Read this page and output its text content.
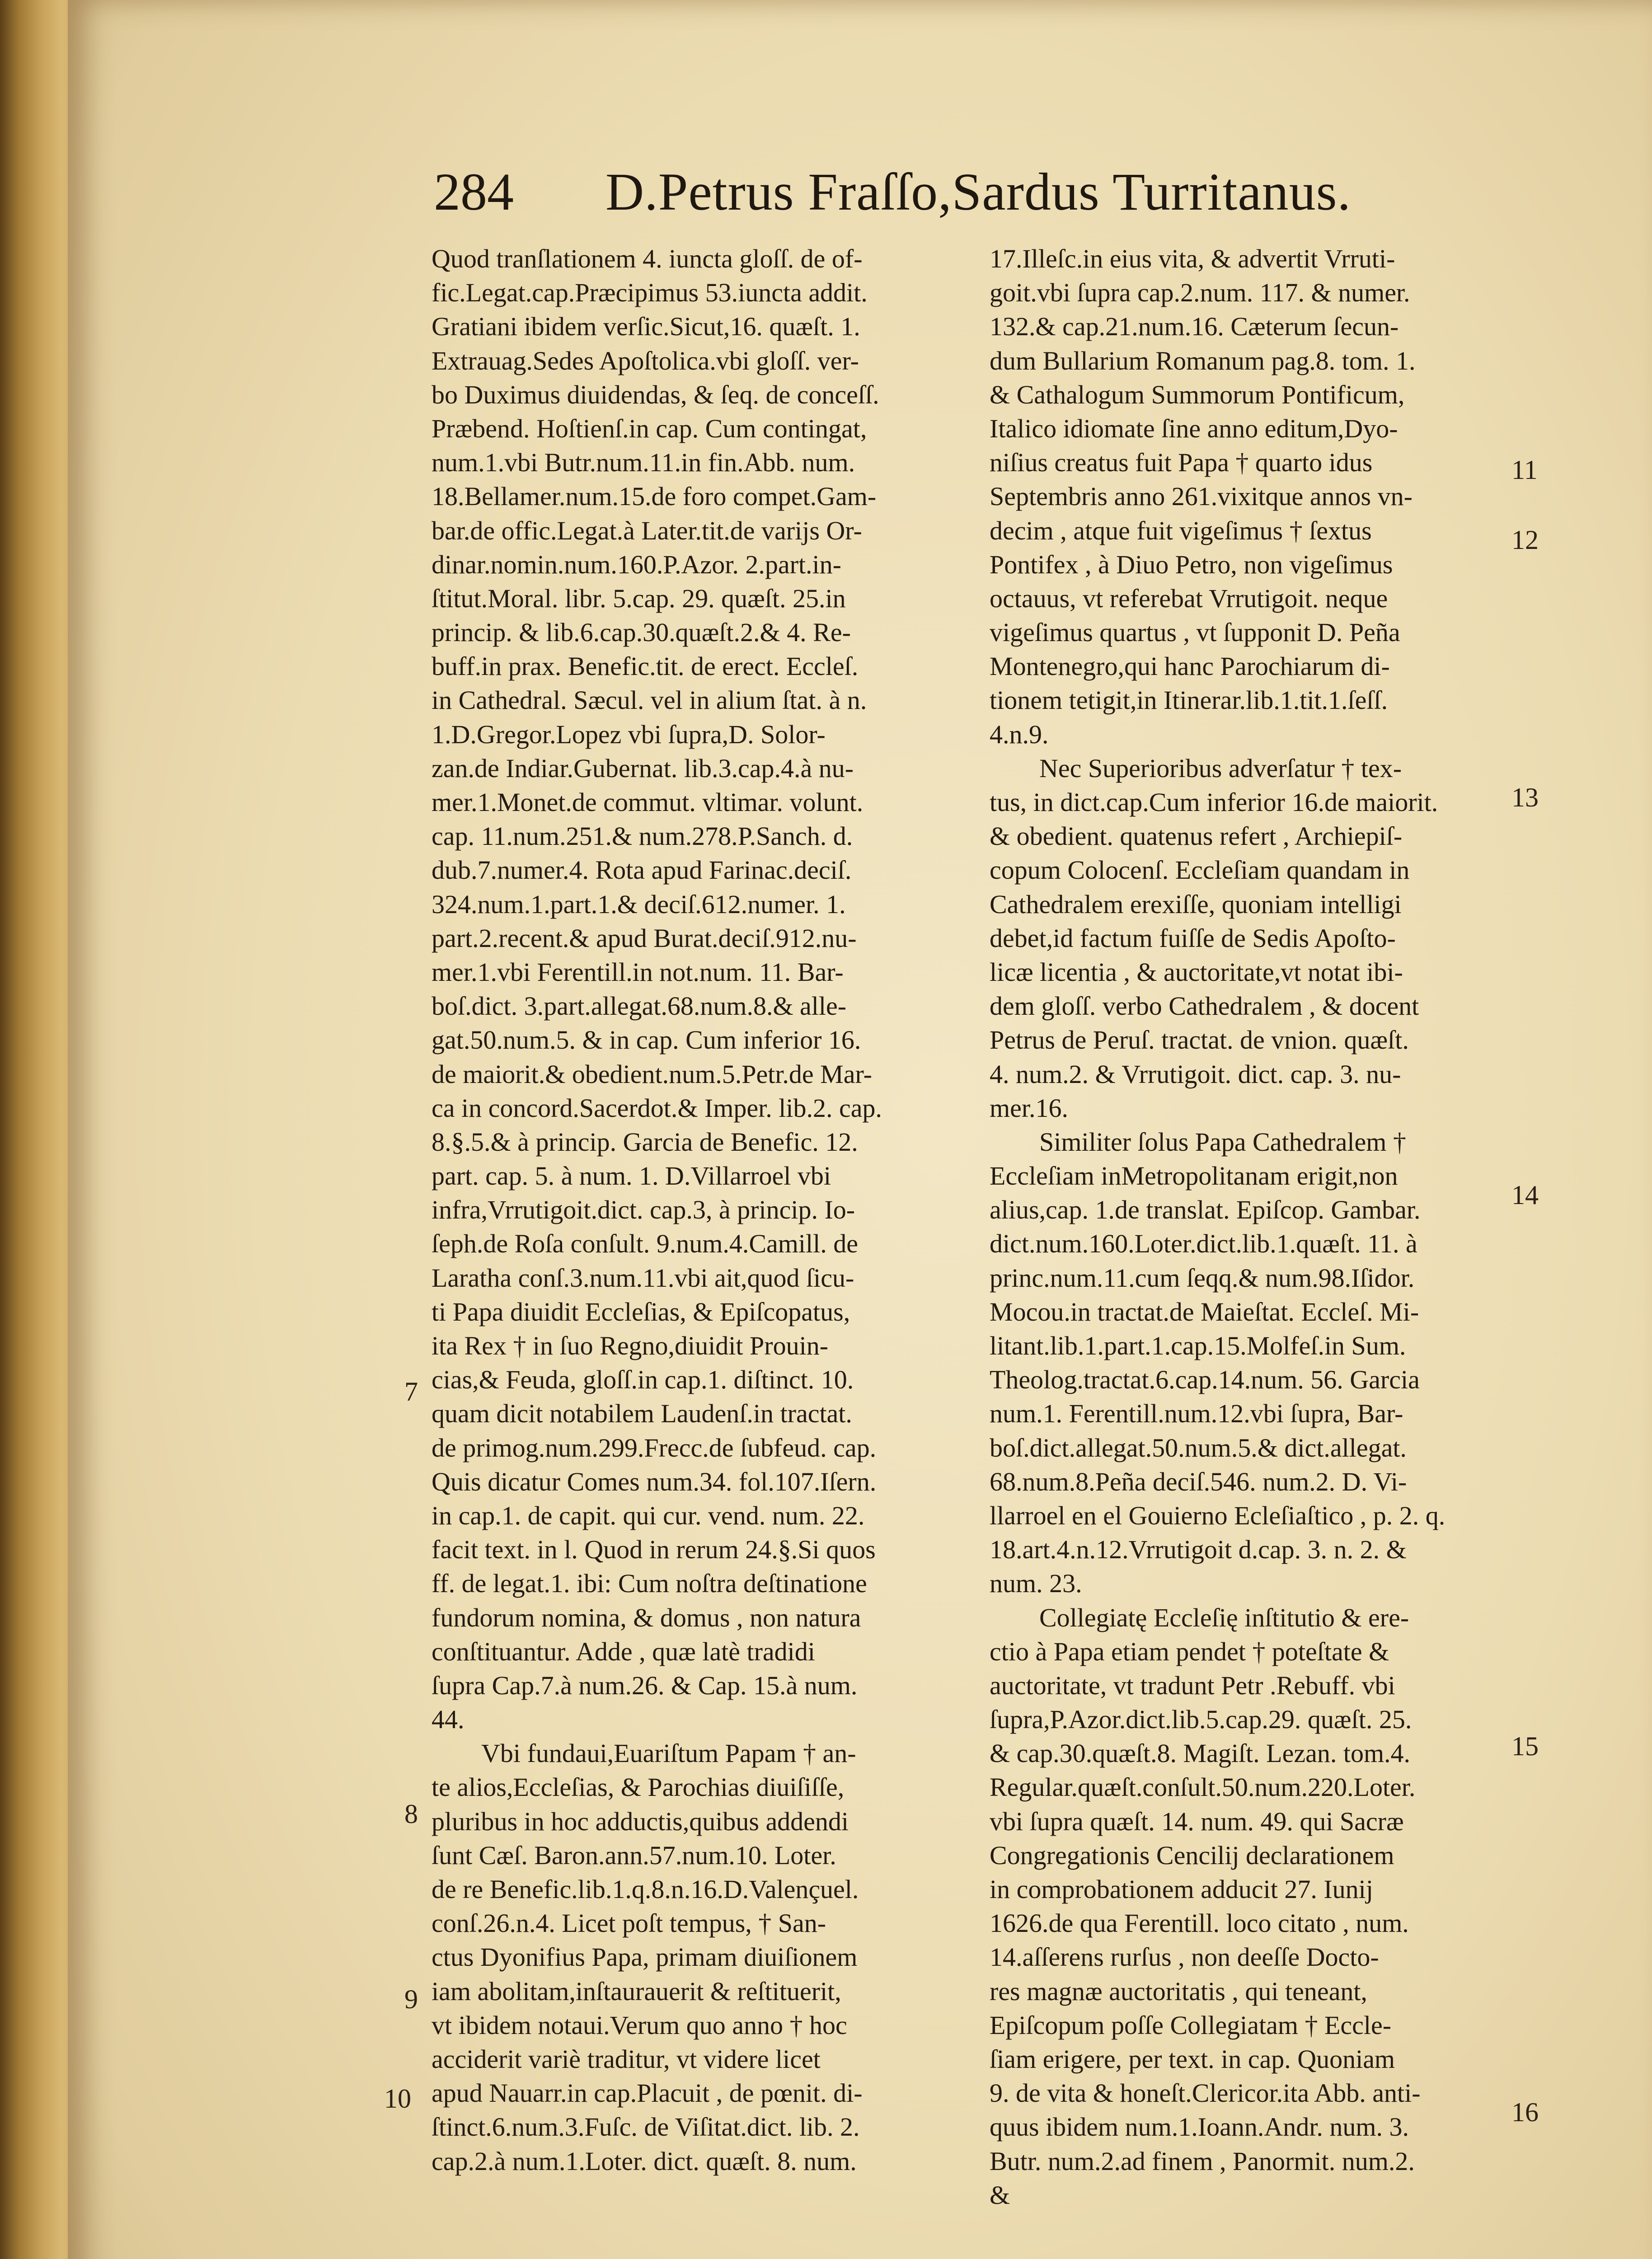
284 D.Petrus Fraſſo,Sardus Turritanus.
Quod tranſlationem 4. iuncta gloſſ. de of-
fic.Legat.cap.Præcipimus 53.iuncta addit.
Gratiani ibidem verſic.Sicut,16. quæſt. 1.
Extrauag.Sedes Apoſtolica.vbi gloſſ. ver-
bo Duximus diuidendas, & ſeq. de conceſſ.
Præbend. Hoſtienſ.in cap. Cum contingat,
num.1.vbi Butr.num.11.in fin.Abb. num.
18.Bellamer.num.15.de foro compet.Gam-
bar.de offic.Legat.à Later.tit.de varijs Or-
dinar.nomin.num.160.P.Azor. 2.part.in-
ſtitut.Moral. libr. 5.cap. 29. quæſt. 25.in
princip. & lib.6.cap.30.quæſt.2.& 4. Re-
buff.in prax. Benefic.tit. de erect. Eccleſ.
in Cathedral. Sæcul. vel in alium ſtat. à n.
1.D.Gregor.Lopez vbi ſupra,D. Solor-
zan.de Indiar.Gubernat. lib.3.cap.4.à nu-
mer.1.Monet.de commut. vltimar. volunt.
cap. 11.num.251.& num.278.P.Sanch. d.
dub.7.numer.4. Rota apud Farinac.deciſ.
324.num.1.part.1.& deciſ.612.numer. 1.
part.2.recent.& apud Burat.deciſ.912.nu-
mer.1.vbi Ferentill.in not.num. 11. Bar-
boſ.dict. 3.part.allegat.68.num.8.& alle-
gat.50.num.5. & in cap. Cum inferior 16.
de maiorit.& obedient.num.5.Petr.de Mar-
ca in concord.Sacerdot.& Imper. lib.2. cap.
8.§.5.& à princip. Garcia de Benefic. 12.
part. cap. 5. à num. 1. D.Villarroel vbi
infra,Vrrutigoit.dict. cap.3, à princip. Io-
ſeph.de Roſa conſult. 9.num.4.Camill. de
Laratha conſ.3.num.11.vbi ait,quod ſicu-
ti Papa diuidit Eccleſias, & Epiſcopatus,
ita Rex † in ſuo Regno,diuidit Prouin-
cias,& Feuda, gloſſ.in cap.1. diſtinct. 10.
quam dicit notabilem Laudenſ.in tractat.
de primog.num.299.Frecc.de ſubfeud. cap.
Quis dicatur Comes num.34. fol.107.Iſern.
in cap.1. de capit. qui cur. vend. num. 22.
facit text. in l. Quod in rerum 24.§.Si quos
ff. de legat.1. ibi: Cum noſtra deſtinatione
fundorum nomina, & domus , non natura
conſtituantur. Adde , quæ latè tradidi
ſupra Cap.7.à num.26. & Cap. 15.à num.
44.
Vbi fundaui,Euariſtum Papam † an-
te alios,Eccleſias, & Parochias diuiſiſſe,
pluribus in hoc adductis,quibus addendi
ſunt Cæſ. Baron.ann.57.num.10. Loter.
de re Benefic.lib.1.q.8.n.16.D.Valençuel.
conſ.26.n.4. Licet poſt tempus, † San-
ctus Dyonifius Papa, primam diuiſionem
iam abolitam,inſtaurauerit & reſtituerit,
vt ibidem notaui.Verum quo anno † hoc
acciderit variè traditur, vt videre licet
apud Nauarr.in cap.Placuit , de pœnit. di-
ſtinct.6.num.3.Fuſc. de Viſitat.dict. lib. 2.
cap.2.à num.1.Loter. dict. quæſt. 8. num.
17.Illeſc.in eius vita, & advertit Vrruti-
goit.vbi ſupra cap.2.num. 117. & numer.
132.& cap.21.num.16. Cæterum ſecun-
dum Bullarium Romanum pag.8. tom. 1.
& Cathalogum Summorum Pontificum,
Italico idiomate ſine anno editum,Dyo-
niſius creatus fuit Papa † quarto idus
Septembris anno 261.vixitque annos vn-
decim , atque fuit vigeſimus † ſextus
Pontifex , à Diuo Petro, non vigeſimus
octauus, vt referebat Vrrutigoit. neque
vigeſimus quartus , vt ſupponit D. Peña
Montenegro,qui hanc Parochiarum di-
tionem tetigit,in Itinerar.lib.1.tit.1.ſeſſ.
4.n.9.
Nec Superioribus adverſatur † tex-
tus, in dict.cap.Cum inferior 16.de maiorit.
& obedient. quatenus refert , Archiepiſ-
copum Colocenſ. Eccleſiam quandam in
Cathedralem erexiſſe, quoniam intelligi
debet,id factum fuiſſe de Sedis Apoſto-
licæ licentia , & auctoritate,vt notat ibi-
dem gloſſ. verbo Cathedralem , & docent
Petrus de Peruſ. tractat. de vnion. quæſt.
4. num.2. & Vrrutigoit. dict. cap. 3. nu-
mer.16.
Similiter ſolus Papa Cathedralem †
Eccleſiam inMetropolitanam erigit,non
alius,cap. 1.de translat. Epiſcop. Gambar.
dict.num.160.Loter.dict.lib.1.quæſt. 11. à
princ.num.11.cum ſeqq.& num.98.Iſidor.
Mocou.in tractat.de Maieſtat. Eccleſ. Mi-
litant.lib.1.part.1.cap.15.Molfeſ.in Sum.
Theolog.tractat.6.cap.14.num. 56. Garcia
num.1. Ferentill.num.12.vbi ſupra, Bar-
boſ.dict.allegat.50.num.5.& dict.allegat.
68.num.8.Peña deciſ.546. num.2. D. Vi-
llarroel en el Gouierno Ecleſiaſtico , p. 2. q.
18.art.4.n.12.Vrrutigoit d.cap. 3. n. 2. &
num. 23.
Collegiatę Eccleſię inſtitutio & ere-
ctio à Papa etiam pendet † poteſtate &
auctoritate, vt tradunt Petr .Rebuff. vbi
ſupra,P.Azor.dict.lib.5.cap.29. quæſt. 25.
& cap.30.quæſt.8. Magiſt. Lezan. tom.4.
Regular.quæſt.conſult.50.num.220.Loter.
vbi ſupra quæſt. 14. num. 49. qui Sacræ
Congregationis Cencilij declarationem
in comprobationem adducit 27. Iunij
1626.de qua Ferentill. loco citato , num.
14.aſſerens rurſus , non deeſſe Docto-
res magnæ auctoritatis , qui teneant,
Epiſcopum poſſe Collegiatam † Eccle-
ſiam erigere, per text. in cap. Quoniam
9. de vita & honeſt.Clericor.ita Abb. anti-
quus ibidem num.1.Ioann.Andr. num. 3.
Butr. num.2.ad finem , Panormit. num.2.
&
7
8
9
10
11
12
13
14
15
16
